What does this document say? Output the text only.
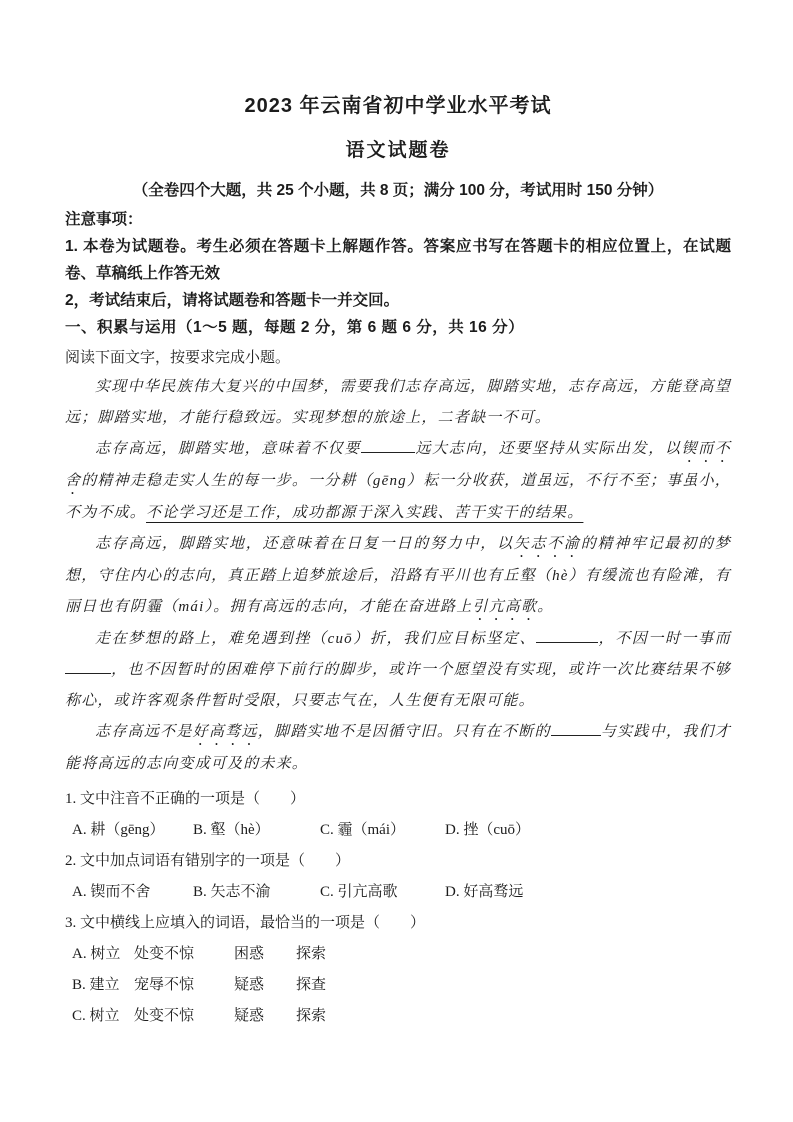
2023 年云南省初中学业水平考试
语文试题卷

（全卷四个大题，共 25 个小题，共 8 页；满分 100 分，考试用时 150 分钟）

注意事项：

1. 本卷为试题卷。考生必须在答题卡上解题作答。答案应书写在答题卡的相应位置上，在试题卷、草稿纸上作答无效

2，考试结束后，请将试题卷和答题卡一并交回。

一、积累与运用（1～5 题，每题 2 分，第 6 题 6 分，共 16 分）

阅读下面文字，按要求完成小题。

实现中华民族伟大复兴的中国梦，需要我们志存高远，脚踏实地，志存高远，方能登高望远；脚踏实地，才能行稳致远。实现梦想的旅途上，二者缺一不可。

志存高远，脚踏实地，意味着不仅要	远大志向，还要坚持从实际出发，以锲而不舍的精神走稳走实人生的每一步。一分耕（gēng）耘一分收获，道虽远，不行不至；事虽小，不为不成。不论学习还是工作，成功都源于深入实践、苦干实干的结果。

志存高远，脚踏实地，还意味着在日复一日的努力中，以矢志不渝的精神牢记最初的梦想，守住内心的志向，真正踏上追梦旅途后，沿路有平川也有丘壑（hè）有缓流也有险滩，有丽日也有阴霾（mái）。拥有高远的志向，才能在奋进路上引亢高歌。

走在梦想的路上，难免遇到挫（cuō）折，我们应目标坚定、	，不因一时一事而，也不因暂时的困难停下前行的脚步，或许一个愿望没有实现，或许一次比赛结果不够称心，或许客观条件暂时受限，只要志气在，人生便有无限可能。

志存高远不是好高骛远，脚踏实地不是因循守旧。只有在不断的	与实践中，我们才能将高远的志向变成可及的未来。

1. 文中注音不正确的一项是（　　）

A. 耕（gēng）	B. 壑（hè）	C. 霾（mái）	D. 挫（cuō）

2. 文中加点词语有错别字的一项是（　　）

A. 锲而不舍	B. 矢志不渝	C. 引亢高歌	D. 好高骛远

3. 文中横线上应填入的词语，最恰当的一项是（　　）

A. 树立 处变不惊	困惑	探索
B. 建立 宠辱不惊	疑惑	探查
C. 树立 处变不惊	疑惑	探索
